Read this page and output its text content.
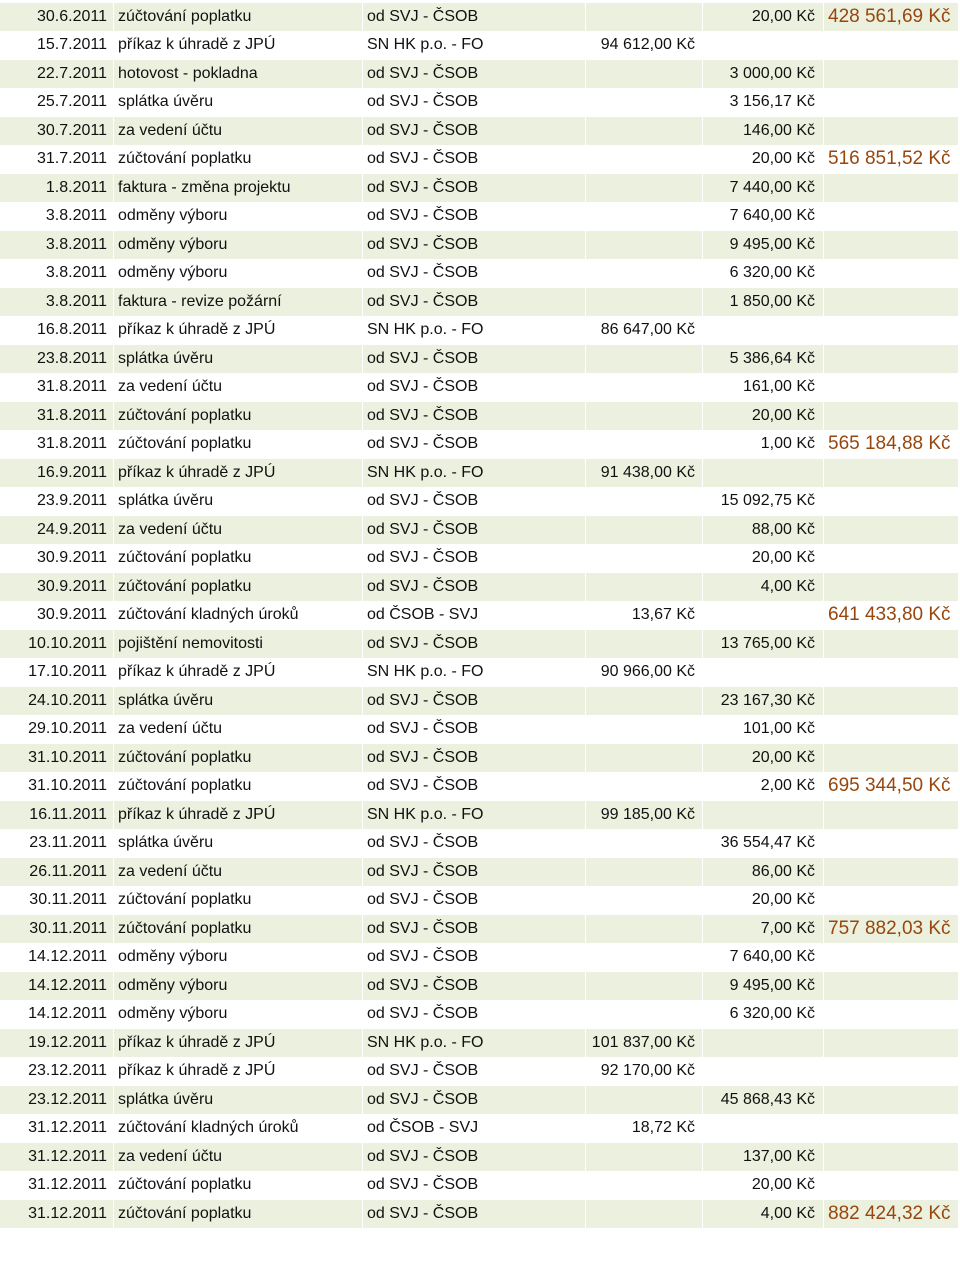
30.6.2011	zúčtování poplatku	od SVJ - ČSOB		20,00 Kč	428 561,69 Kč
15.7.2011	příkaz k úhradě z JPÚ	SN HK p.o. - FO	94 612,00 Kč		
22.7.2011	hotovost - pokladna	od SVJ - ČSOB		3 000,00 Kč	
25.7.2011	splátka úvěru	od SVJ - ČSOB		3 156,17 Kč	
30.7.2011	za vedení účtu	od SVJ - ČSOB		146,00 Kč	
31.7.2011	zúčtování poplatku	od SVJ - ČSOB		20,00 Kč	516 851,52 Kč
1.8.2011	faktura - změna projektu	od SVJ - ČSOB		7 440,00 Kč	
3.8.2011	odměny výboru	od SVJ - ČSOB		7 640,00 Kč	
3.8.2011	odměny výboru	od SVJ - ČSOB		9 495,00 Kč	
3.8.2011	odměny výboru	od SVJ - ČSOB		6 320,00 Kč	
3.8.2011	faktura - revize požární	od SVJ - ČSOB		1 850,00 Kč	
16.8.2011	příkaz k úhradě z JPÚ	SN HK p.o. - FO	86 647,00 Kč		
23.8.2011	splátka úvěru	od SVJ - ČSOB		5 386,64 Kč	
31.8.2011	za vedení účtu	od SVJ - ČSOB		161,00 Kč	
31.8.2011	zúčtování poplatku	od SVJ - ČSOB		20,00 Kč	
31.8.2011	zúčtování poplatku	od SVJ - ČSOB		1,00 Kč	565 184,88 Kč
16.9.2011	příkaz k úhradě z JPÚ	SN HK p.o. - FO	91 438,00 Kč		
23.9.2011	splátka úvěru	od SVJ - ČSOB		15 092,75 Kč	
24.9.2011	za vedení účtu	od SVJ - ČSOB		88,00 Kč	
30.9.2011	zúčtování poplatku	od SVJ - ČSOB		20,00 Kč	
30.9.2011	zúčtování poplatku	od SVJ - ČSOB		4,00 Kč	
30.9.2011	zúčtování kladných úroků	od ČSOB - SVJ	13,67 Kč		641 433,80 Kč
10.10.2011	pojištění nemovitosti	od SVJ - ČSOB		13 765,00 Kč	
17.10.2011	příkaz k úhradě z JPÚ	SN HK p.o. - FO	90 966,00 Kč		
24.10.2011	splátka úvěru	od SVJ - ČSOB		23 167,30 Kč	
29.10.2011	za vedení účtu	od SVJ - ČSOB		101,00 Kč	
31.10.2011	zúčtování poplatku	od SVJ - ČSOB		20,00 Kč	
31.10.2011	zúčtování poplatku	od SVJ - ČSOB		2,00 Kč	695 344,50 Kč
16.11.2011	příkaz k úhradě z JPÚ	SN HK p.o. - FO	99 185,00 Kč		
23.11.2011	splátka úvěru	od SVJ - ČSOB		36 554,47 Kč	
26.11.2011	za vedení účtu	od SVJ - ČSOB		86,00 Kč	
30.11.2011	zúčtování poplatku	od SVJ - ČSOB		20,00 Kč	
30.11.2011	zúčtování poplatku	od SVJ - ČSOB		7,00 Kč	757 882,03 Kč
14.12.2011	odměny výboru	od SVJ - ČSOB		7 640,00 Kč	
14.12.2011	odměny výboru	od SVJ - ČSOB		9 495,00 Kč	
14.12.2011	odměny výboru	od SVJ - ČSOB		6 320,00 Kč	
19.12.2011	příkaz k úhradě z JPÚ	SN HK p.o. - FO	101 837,00 Kč		
23.12.2011	příkaz k úhradě z JPÚ	od SVJ - ČSOB	92 170,00 Kč		
23.12.2011	splátka úvěru	od SVJ - ČSOB		45 868,43 Kč	
31.12.2011	zúčtování kladných úroků	od ČSOB - SVJ	18,72 Kč		
31.12.2011	za vedení účtu	od SVJ - ČSOB		137,00 Kč	
31.12.2011	zúčtování poplatku	od SVJ - ČSOB		20,00 Kč	
31.12.2011	zúčtování poplatku	od SVJ - ČSOB		4,00 Kč	882 424,32 Kč
